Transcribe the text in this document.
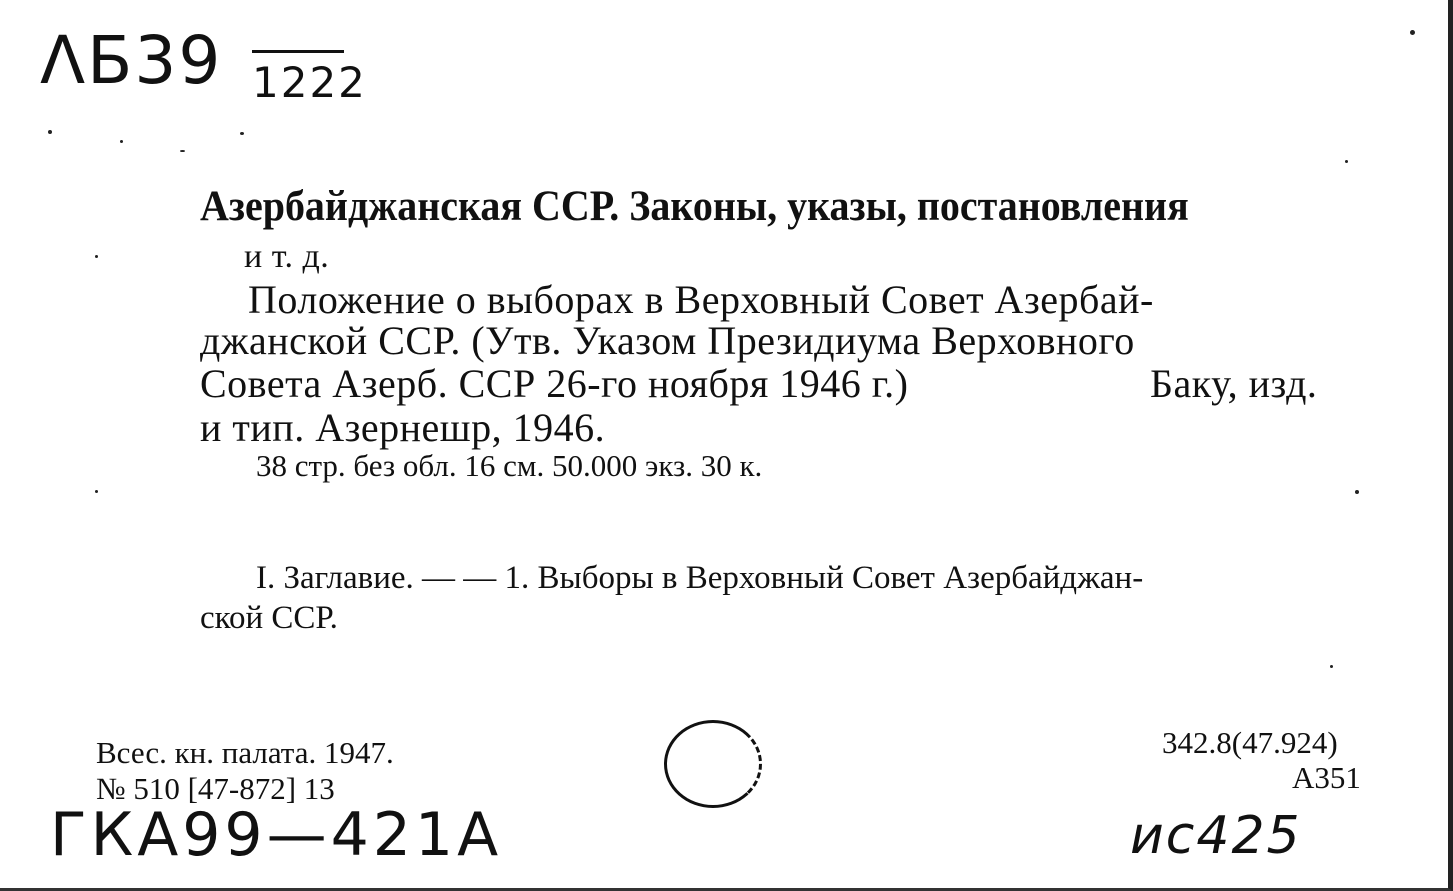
ΛБ39 1222
Азербайджанская ССР. Законы, указы, постановления
и т. д.
Положение о выборах в Верховный Совет Азербай-
джанской ССР. (Утв. Указом Президиума Верховного
Совета Азерб. ССР 26-го ноября 1946 г.)	Баку, изд.
и тип. Азернешр, 1946.
38 стр. без обл. 16 см. 50.000 экз. 30 к.
I. Заглавие. — — 1. Выборы в Верховный Совет Азербайджан-
ской ССР.
Всес. кн. палата. 1947.
№ 510 [47-872] 13
342.8(47.924)
А351
ГКА99—421А	ис425
